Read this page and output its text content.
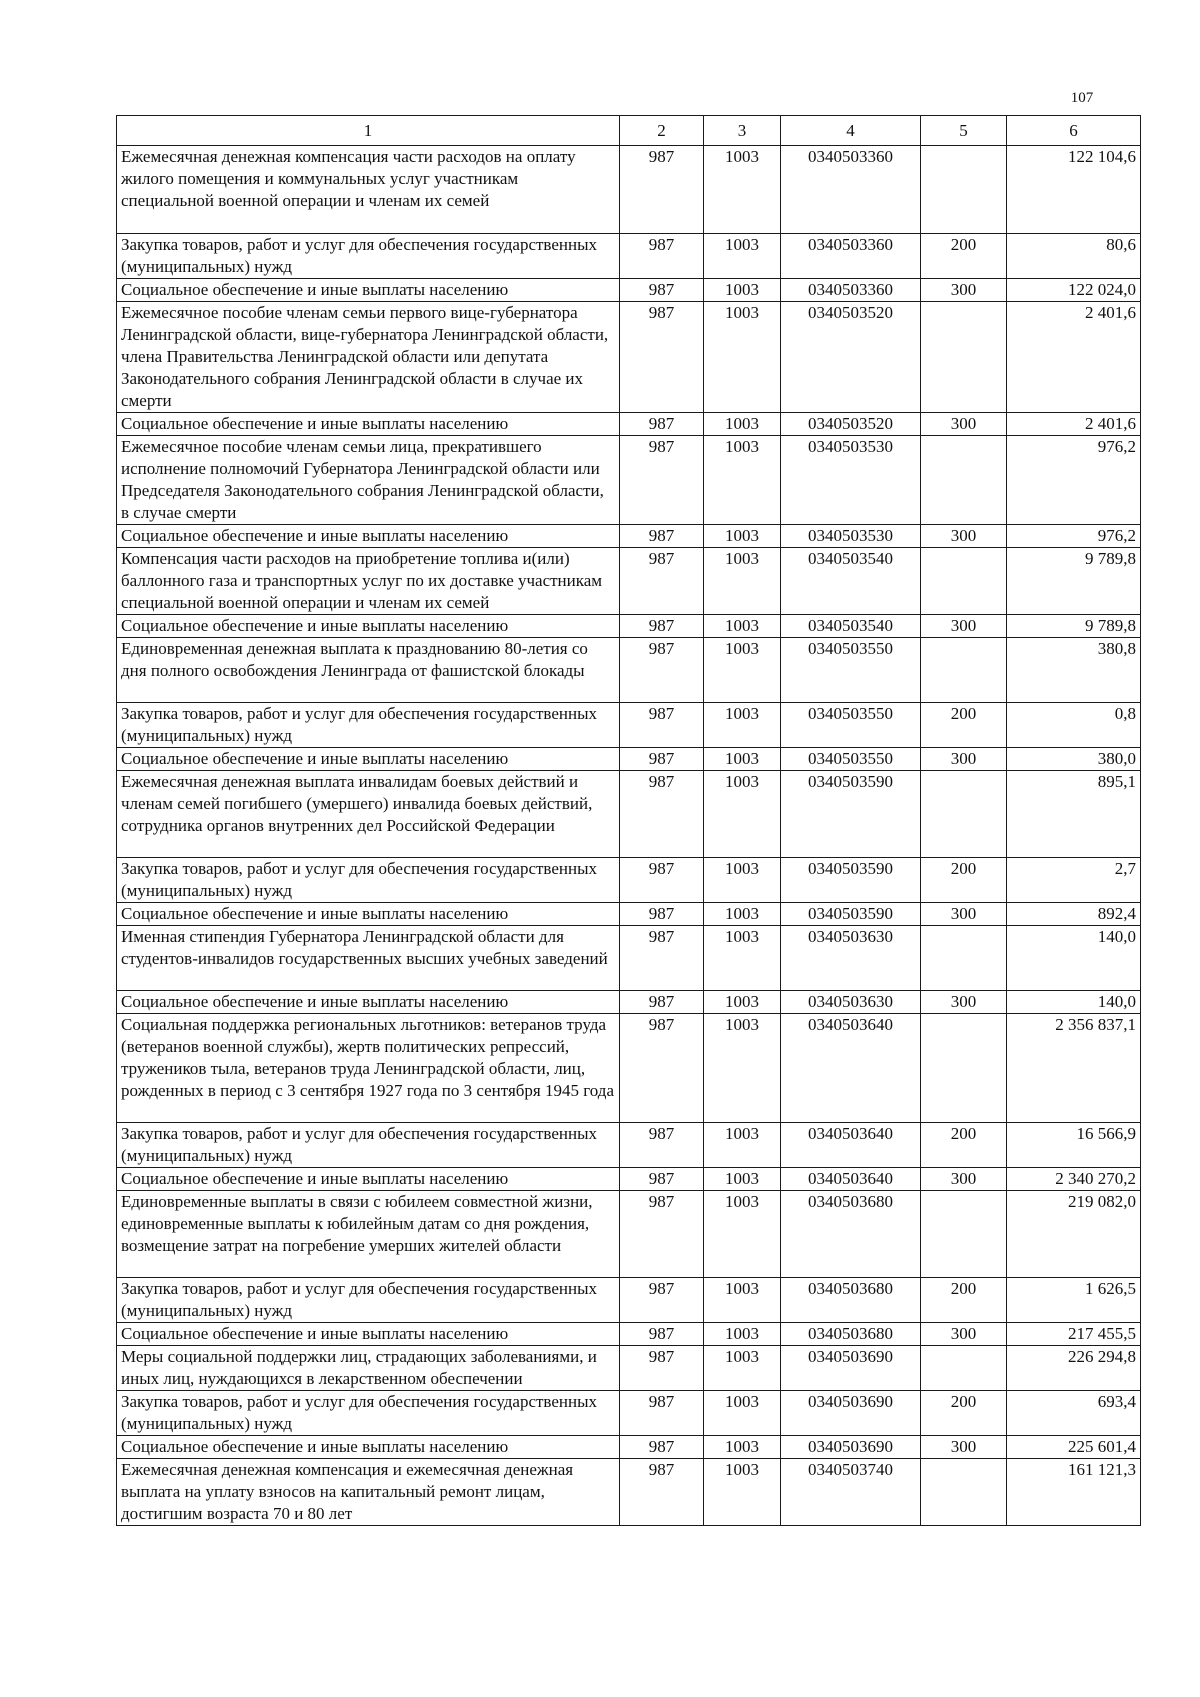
107
1	2	3	4	5	6
Ежемесячная денежная компенсация части расходов на оплату жилого помещения и коммунальных услуг участникам специальной военной операции и членам их семей	987	1003	0340503360		122 104,6
Закупка товаров, работ и услуг для обеспечения государственных (муниципальных) нужд	987	1003	0340503360	200	80,6
Социальное обеспечение и иные выплаты населению	987	1003	0340503360	300	122 024,0
Ежемесячное пособие членам семьи первого вице-губернатора Ленинградской области, вице-губернатора Ленинградской области, члена Правительства Ленинградской области или депутата Законодательного собрания Ленинградской области в случае их смерти	987	1003	0340503520		2 401,6
Социальное обеспечение и иные выплаты населению	987	1003	0340503520	300	2 401,6
Ежемесячное пособие членам семьи лица, прекратившего исполнение полномочий Губернатора Ленинградской области или Председателя Законодательного собрания Ленинградской области, в случае смерти	987	1003	0340503530		976,2
Социальное обеспечение и иные выплаты населению	987	1003	0340503530	300	976,2
Компенсация части расходов на приобретение топлива и(или) баллонного газа и транспортных услуг по их доставке участникам специальной военной операции и членам их семей	987	1003	0340503540		9 789,8
Социальное обеспечение и иные выплаты населению	987	1003	0340503540	300	9 789,8
Единовременная денежная выплата к празднованию 80-летия со дня полного освобождения Ленинграда от фашистской блокады	987	1003	0340503550		380,8
Закупка товаров, работ и услуг для обеспечения государственных (муниципальных) нужд	987	1003	0340503550	200	0,8
Социальное обеспечение и иные выплаты населению	987	1003	0340503550	300	380,0
Ежемесячная денежная выплата инвалидам боевых действий и членам семей погибшего (умершего) инвалида боевых действий, сотрудника органов внутренних дел Российской Федерации	987	1003	0340503590		895,1
Закупка товаров, работ и услуг для обеспечения государственных (муниципальных) нужд	987	1003	0340503590	200	2,7
Социальное обеспечение и иные выплаты населению	987	1003	0340503590	300	892,4
Именная стипендия Губернатора Ленинградской области для студентов-инвалидов государственных высших учебных заведений	987	1003	0340503630		140,0
Социальное обеспечение и иные выплаты населению	987	1003	0340503630	300	140,0
Социальная поддержка региональных льготников: ветеранов труда (ветеранов военной службы), жертв политических репрессий, тружеников тыла, ветеранов труда Ленинградской области, лиц, рожденных в период с 3 сентября 1927 года по 3 сентября 1945 года	987	1003	0340503640		2 356 837,1
Закупка товаров, работ и услуг для обеспечения государственных (муниципальных) нужд	987	1003	0340503640	200	16 566,9
Социальное обеспечение и иные выплаты населению	987	1003	0340503640	300	2 340 270,2
Единовременные выплаты в связи с юбилеем совместной жизни, единовременные выплаты к юбилейным датам со дня рождения, возмещение затрат на погребение умерших жителей области	987	1003	0340503680		219 082,0
Закупка товаров, работ и услуг для обеспечения государственных (муниципальных) нужд	987	1003	0340503680	200	1 626,5
Социальное обеспечение и иные выплаты населению	987	1003	0340503680	300	217 455,5
Меры социальной поддержки лиц, страдающих заболеваниями, и иных лиц, нуждающихся в лекарственном обеспечении	987	1003	0340503690		226 294,8
Закупка товаров, работ и услуг для обеспечения государственных (муниципальных) нужд	987	1003	0340503690	200	693,4
Социальное обеспечение и иные выплаты населению	987	1003	0340503690	300	225 601,4
Ежемесячная денежная компенсация и ежемесячная денежная выплата на уплату взносов на капитальный ремонт лицам, достигшим возраста 70 и 80 лет	987	1003	0340503740		161 121,3
